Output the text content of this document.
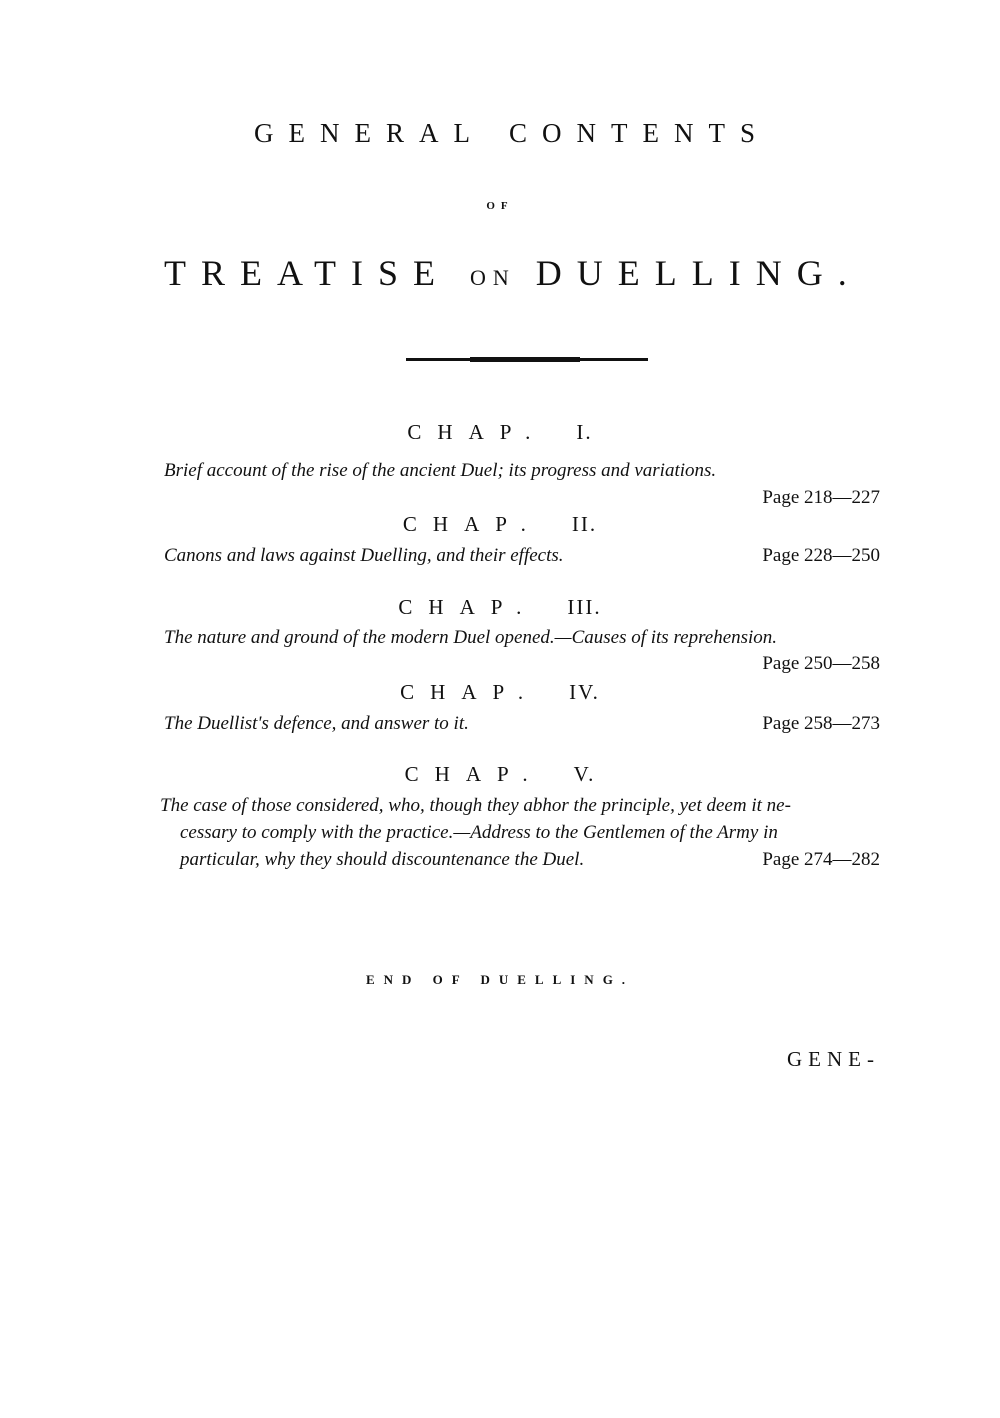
GENERAL CONTENTS
OF
TREATISE ON DUELLING.
CHAP. I.
Brief account of the rise of the ancient Duel; its progress and variations.
Page 218—227
CHAP. II.
Canons and laws against Duelling, and their effects.	Page 228—250
CHAP. III.
The nature and ground of the modern Duel opened.—Causes of its reprehension.
Page 250—258
CHAP. IV.
The Duellist's defence, and answer to it.	Page 258—273
CHAP. V.
The case of those considered, who, though they abhor the principle, yet deem it ne-
cessary to comply with the practice.—Address to the Gentlemen of the Army in
particular, why they should discountenance the Duel.	Page 274—282
END OF DUELLING.
GENE-
